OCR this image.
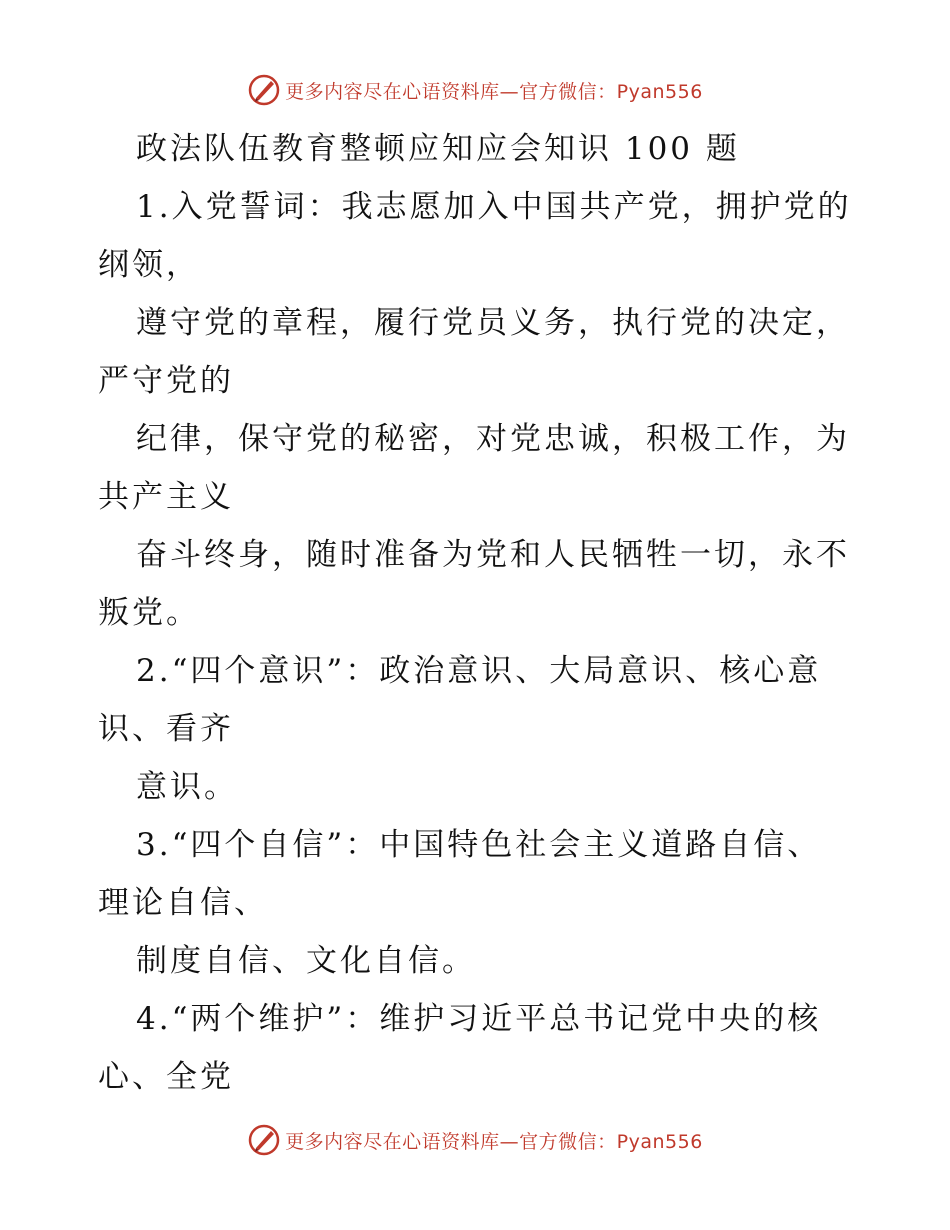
更多内容尽在心语资料库—官方微信：Pyan556
政法队伍教育整顿应知应会知识 100 题
1.入党誓词：我志愿加入中国共产党，拥护党的
纲领，
遵守党的章程，履行党员义务，执行党的决定，
严守党的
纪律，保守党的秘密，对党忠诚，积极工作，为
共产主义
奋斗终身，随时准备为党和人民牺牲一切，永不
叛党。
2.“四个意识”：政治意识、大局意识、核心意
识、看齐
意识。
3.“四个自信”：中国特色社会主义道路自信、
理论自信、
制度自信、文化自信。
4.“两个维护”：维护习近平总书记党中央的核
心、全党
更多内容尽在心语资料库—官方微信：Pyan556
